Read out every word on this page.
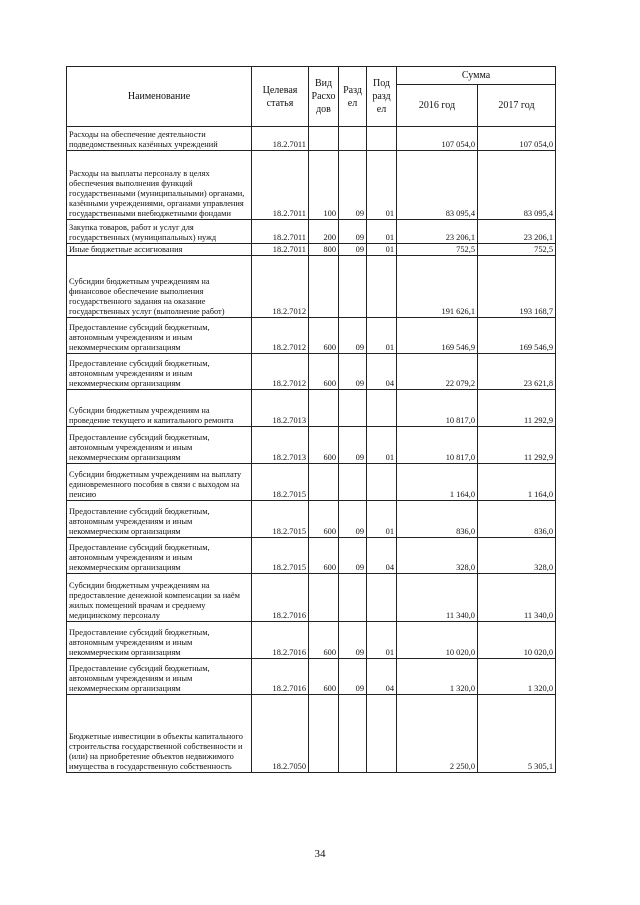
Наименование	Целевая статья	Вид Расхо дов	Разд ел	Под разд ел	Сумма	
					2016 год	2017 год
Расходы на обеспечение деятельности подведомственных казённых учреждений	18.2.7011				107 054,0	107 054,0
Расходы на выплаты персоналу в целях обеспечения выполнения функций государственными (муниципальными) органами, казёнными учреждениями, органами управления государственными внебюджетными фондами	18.2.7011	100	09	01	83 095,4	83 095,4
Закупка товаров, работ и услуг для государственных (муниципальных) нужд	18.2.7011	200	09	01	23 206,1	23 206,1
Иные бюджетные ассигнования	18.2.7011	800	09	01	752,5	752,5
Субсидии бюджетным учреждениям на финансовое обеспечение выполнения государственного задания на оказание государственных услуг (выполнение работ)	18.2.7012				191 626,1	193 168,7
Предоставление субсидий бюджетным, автономным учреждениям и иным некоммерческим организациям	18.2.7012	600	09	01	169 546,9	169 546,9
Предоставление субсидий бюджетным, автономным учреждениям и иным некоммерческим организациям	18.2.7012	600	09	04	22 079,2	23 621,8
Субсидии бюджетным учреждениям на проведение текущего и капитального ремонта	18.2.7013				10 817,0	11 292,9
Предоставление субсидий бюджетным, автономным учреждениям и иным некоммерческим организациям	18.2.7013	600	09	01	10 817,0	11 292,9
Субсидии бюджетным учреждениям на выплату единовременного пособия в связи с выходом на пенсию	18.2.7015				1 164,0	1 164,0
Предоставление субсидий бюджетным, автономным учреждениям и иным некоммерческим организациям	18.2.7015	600	09	01	836,0	836,0
Предоставление субсидий бюджетным, автономным учреждениям и иным некоммерческим организациям	18.2.7015	600	09	04	328,0	328,0
Субсидии бюджетным учреждениям на предоставление денежной компенсации за наём жилых помещений врачам и среднему медицинскому персоналу	18.2.7016				11 340,0	11 340,0
Предоставление субсидий бюджетным, автономным учреждениям и иным некоммерческим организациям	18.2.7016	600	09	01	10 020,0	10 020,0
Предоставление субсидий бюджетным, автономным учреждениям и иным некоммерческим организациям	18.2.7016	600	09	04	1 320,0	1 320,0
Бюджетные инвестиции в объекты капитального строительства государственной собственности и (или) на приобретение объектов недвижимого имущества в государственную собственность	18.2.7050				2 250,0	5 305,1
34
